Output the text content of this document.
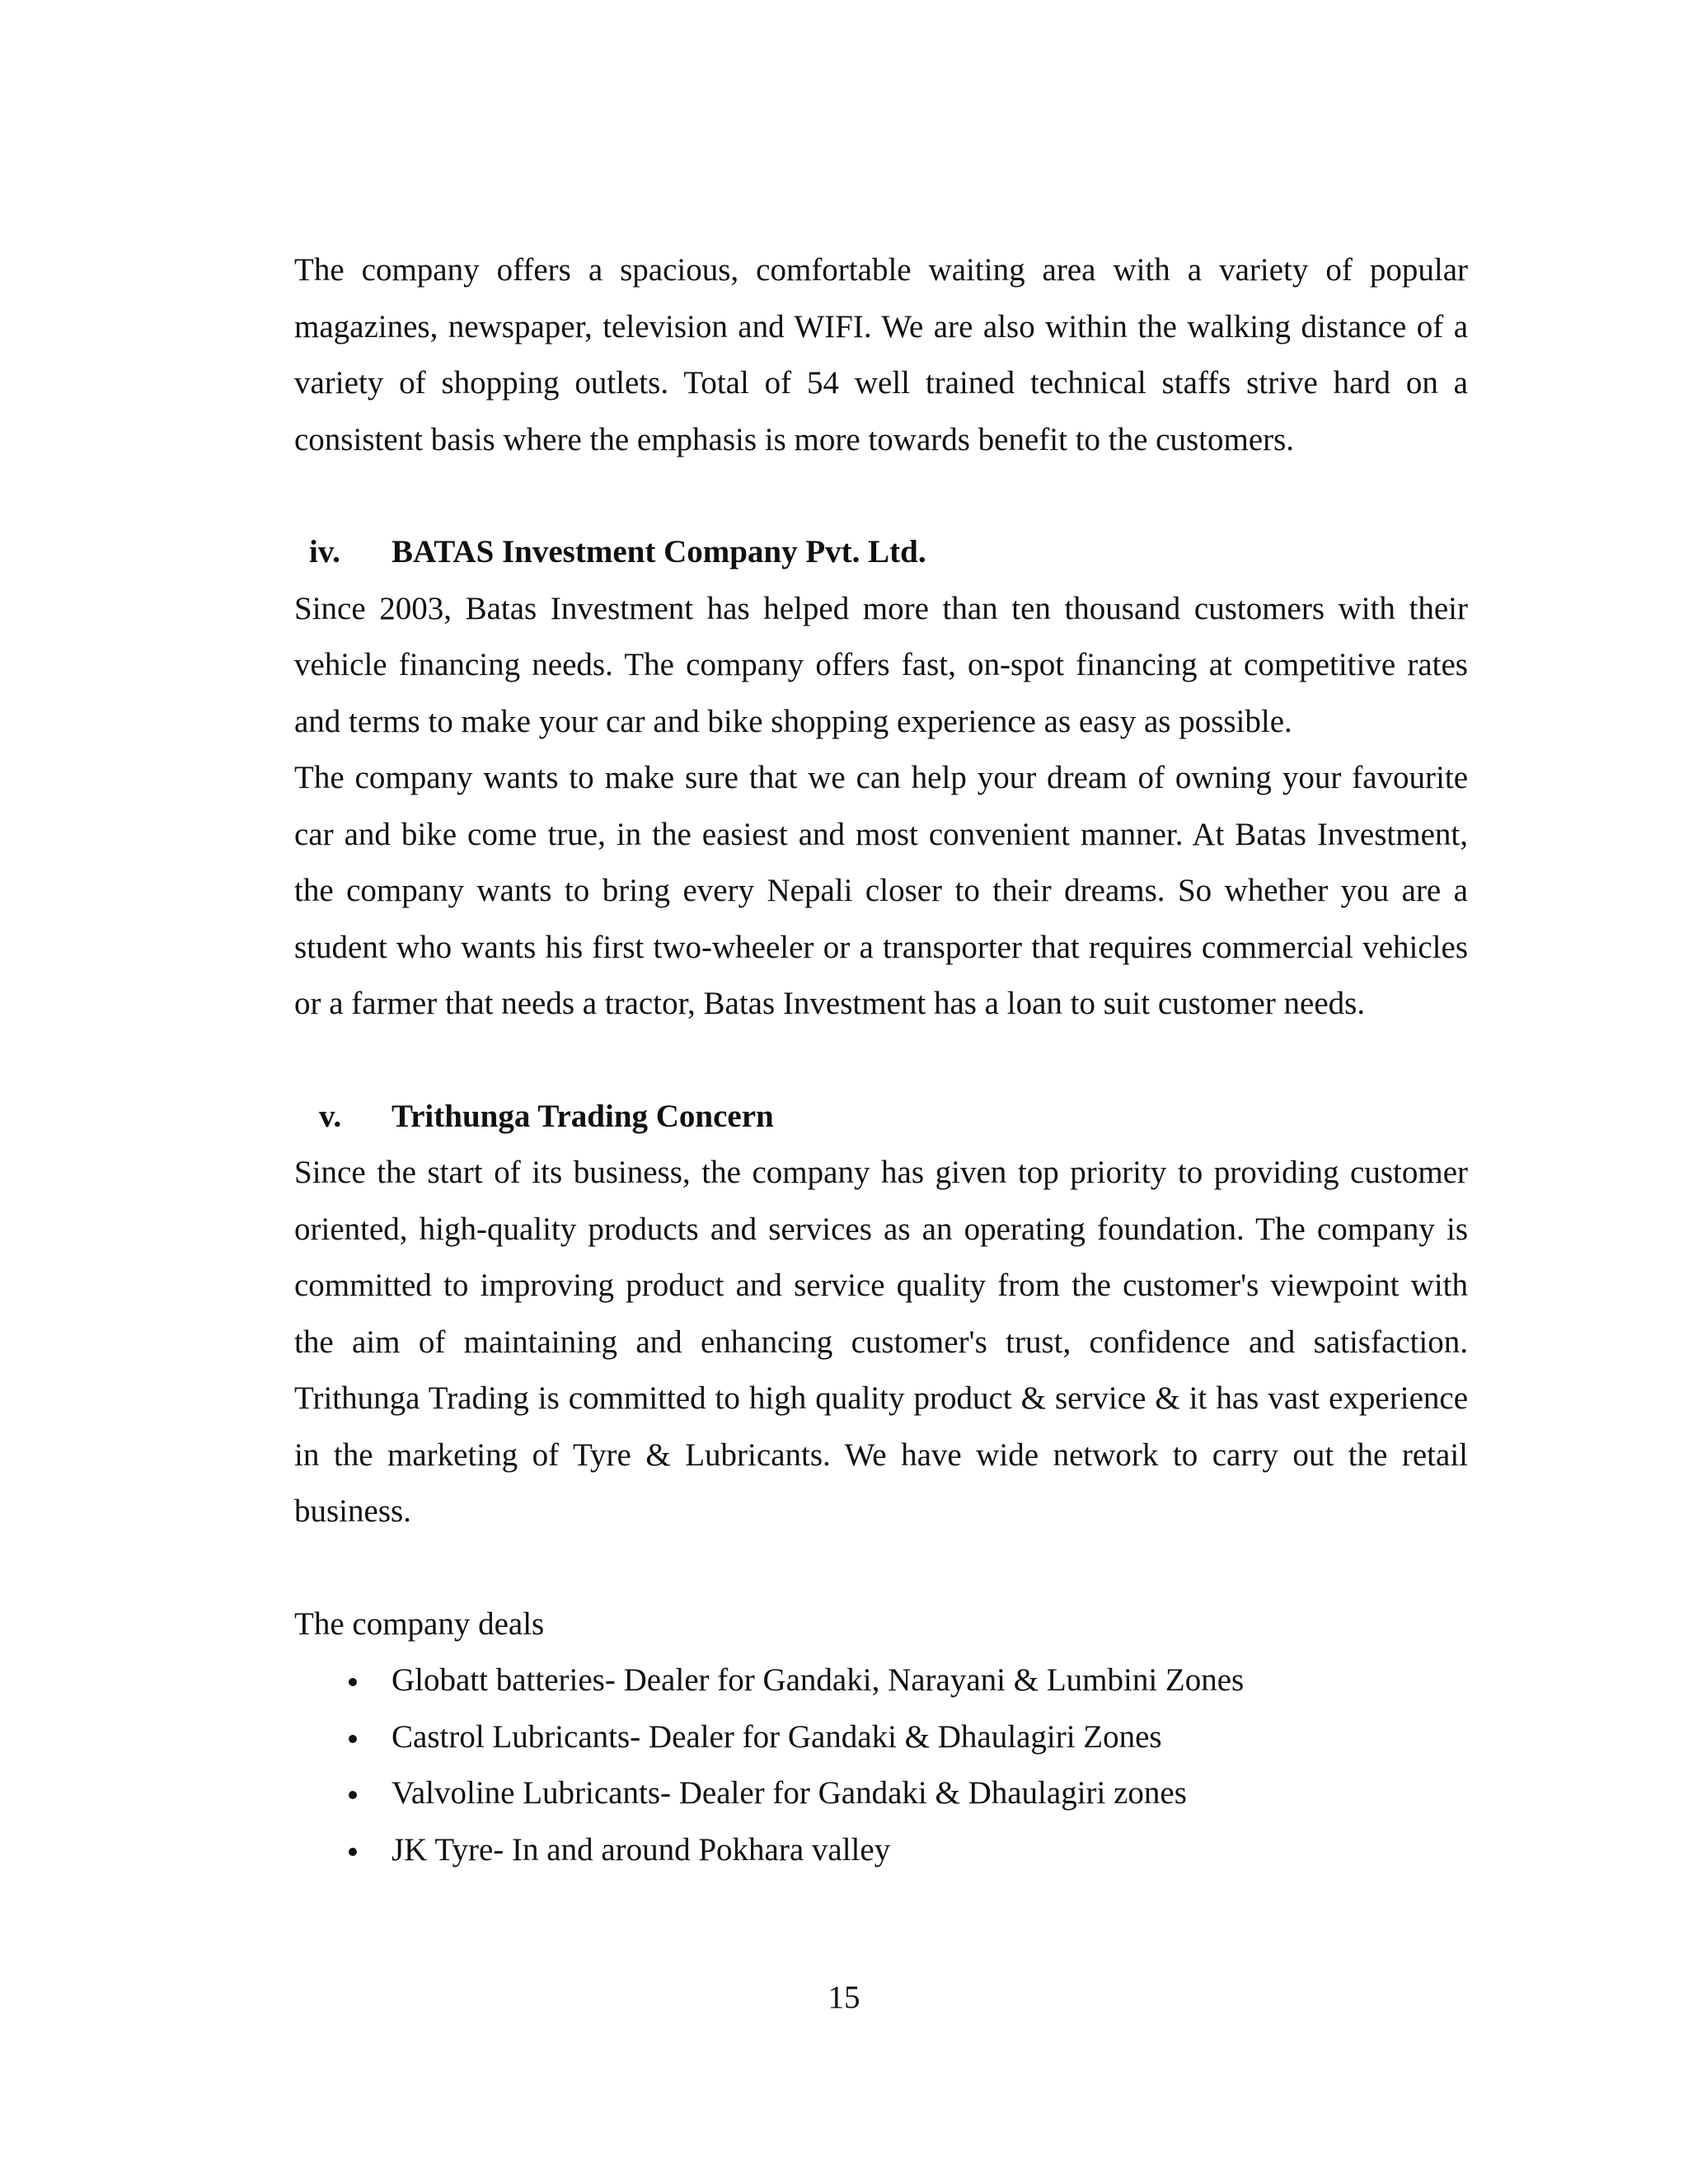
The company offers a spacious, comfortable waiting area with a variety of popular magazines, newspaper, television and WIFI. We are also within the walking distance of a variety of shopping outlets. Total of 54 well trained technical staffs strive hard on a consistent basis where the emphasis is more towards benefit to the customers.

iv. BATAS Investment Company Pvt. Ltd.

Since 2003, Batas Investment has helped more than ten thousand customers with their vehicle financing needs. The company offers fast, on-spot financing at competitive rates and terms to make your car and bike shopping experience as easy as possible.

The company wants to make sure that we can help your dream of owning your favourite car and bike come true, in the easiest and most convenient manner. At Batas Investment, the company wants to bring every Nepali closer to their dreams. So whether you are a student who wants his first two-wheeler or a transporter that requires commercial vehicles or a farmer that needs a tractor, Batas Investment has a loan to suit customer needs.

v. Trithunga Trading Concern

Since the start of its business, the company has given top priority to providing customer oriented, high-quality products and services as an operating foundation. The company is committed to improving product and service quality from the customer's viewpoint with the aim of maintaining and enhancing customer's trust, confidence and satisfaction. Trithunga Trading is committed to high quality product & service & it has vast experience in the marketing of Tyre & Lubricants. We have wide network to carry out the retail business.

The company deals

Globatt batteries- Dealer for Gandaki, Narayani & Lumbini Zones
Castrol Lubricants- Dealer for Gandaki & Dhaulagiri Zones
Valvoline Lubricants- Dealer for Gandaki & Dhaulagiri zones
JK Tyre- In and around Pokhara valley
15
